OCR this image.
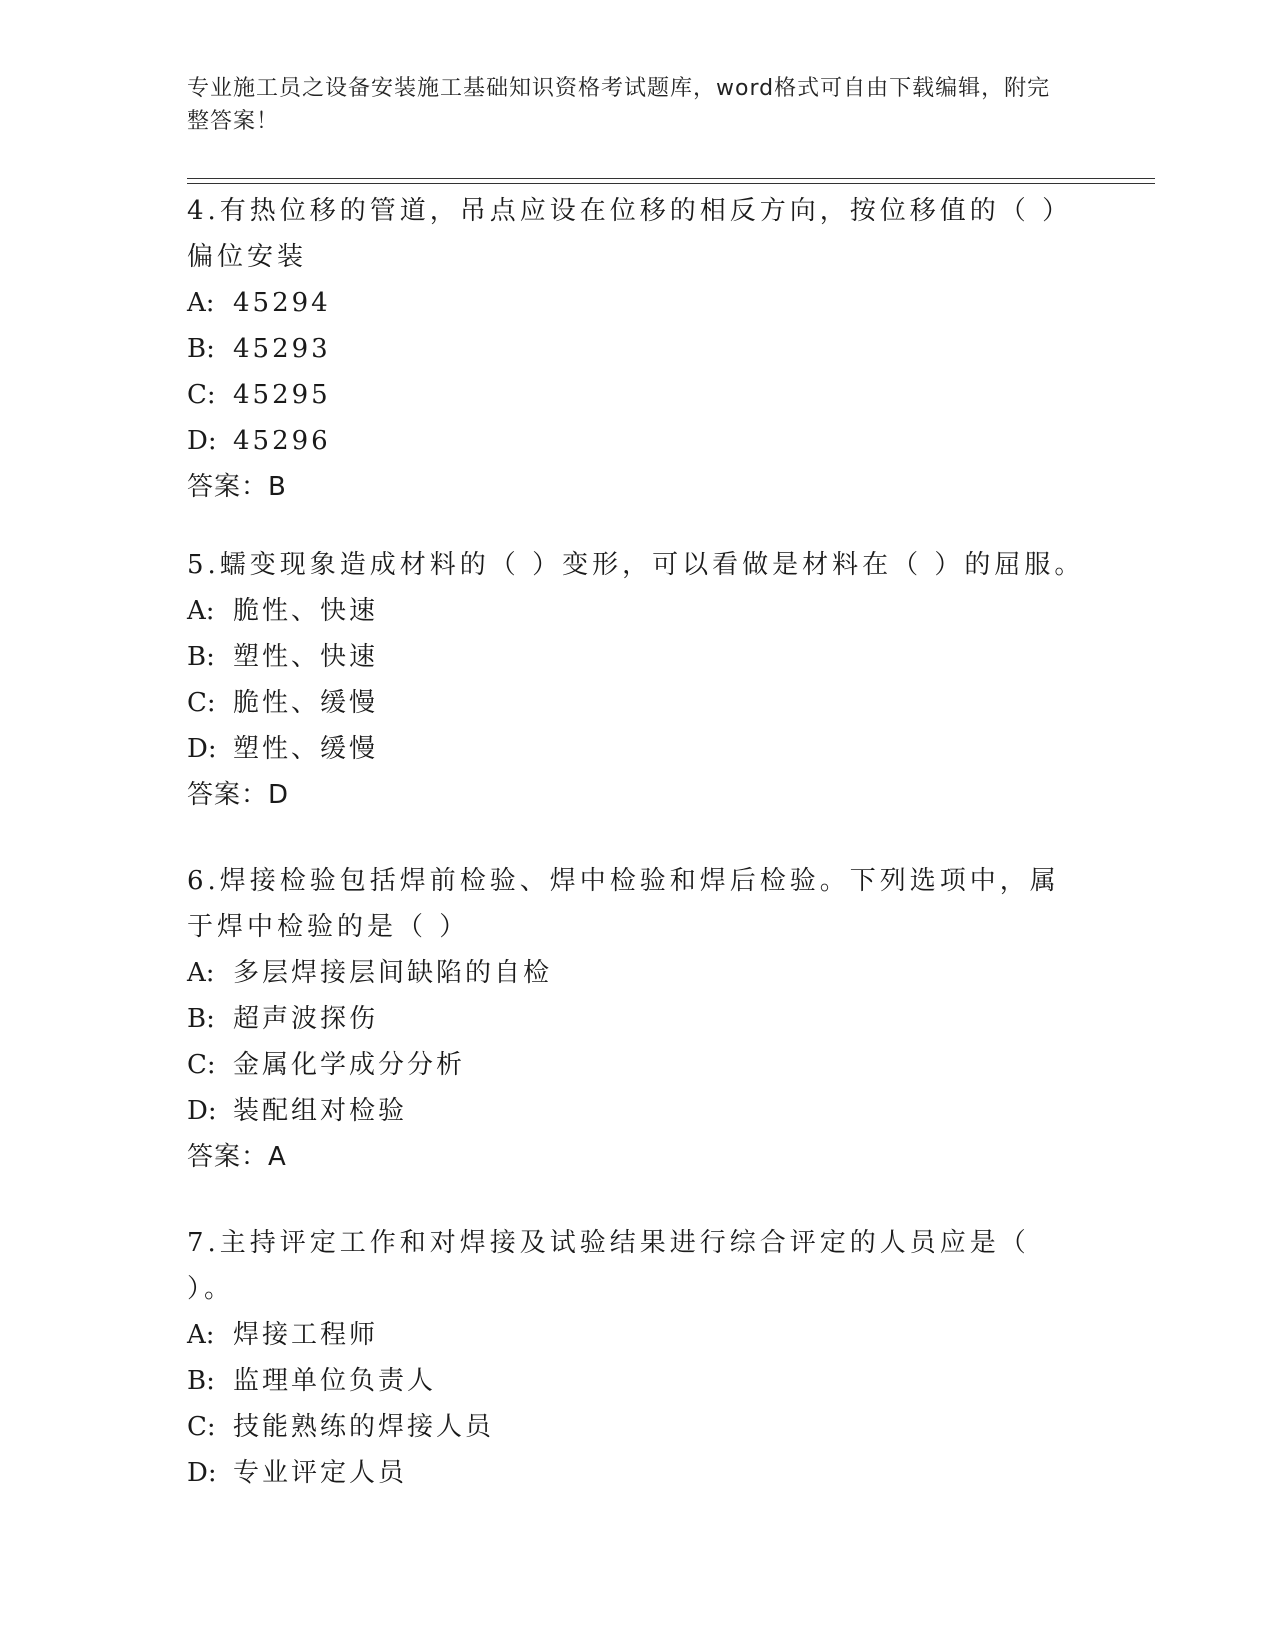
专业施工员之设备安装施工基础知识资格考试题库，word格式可自由下载编辑，附完整答案！

4.有热位移的管道，吊点应设在位移的相反方向，按位移值的（ ）偏位安装

A: 45294
B: 45293
C: 45295
D: 45296
答案：B

5.蠕变现象造成材料的（ ）变形，可以看做是材料在（ ）的屈服。

A: 脆性、快速
B: 塑性、快速
C: 脆性、缓慢
D: 塑性、缓慢
答案：D

6.焊接检验包括焊前检验、焊中检验和焊后检验。下列选项中，属于焊中检验的是（ ）

A: 多层焊接层间缺陷的自检
B: 超声波探伤
C: 金属化学成分分析
D: 装配组对检验
答案：A

7.主持评定工作和对焊接及试验结果进行综合评定的人员应是（ ）。

A: 焊接工程师
B: 监理单位负责人
C: 技能熟练的焊接人员
D: 专业评定人员
